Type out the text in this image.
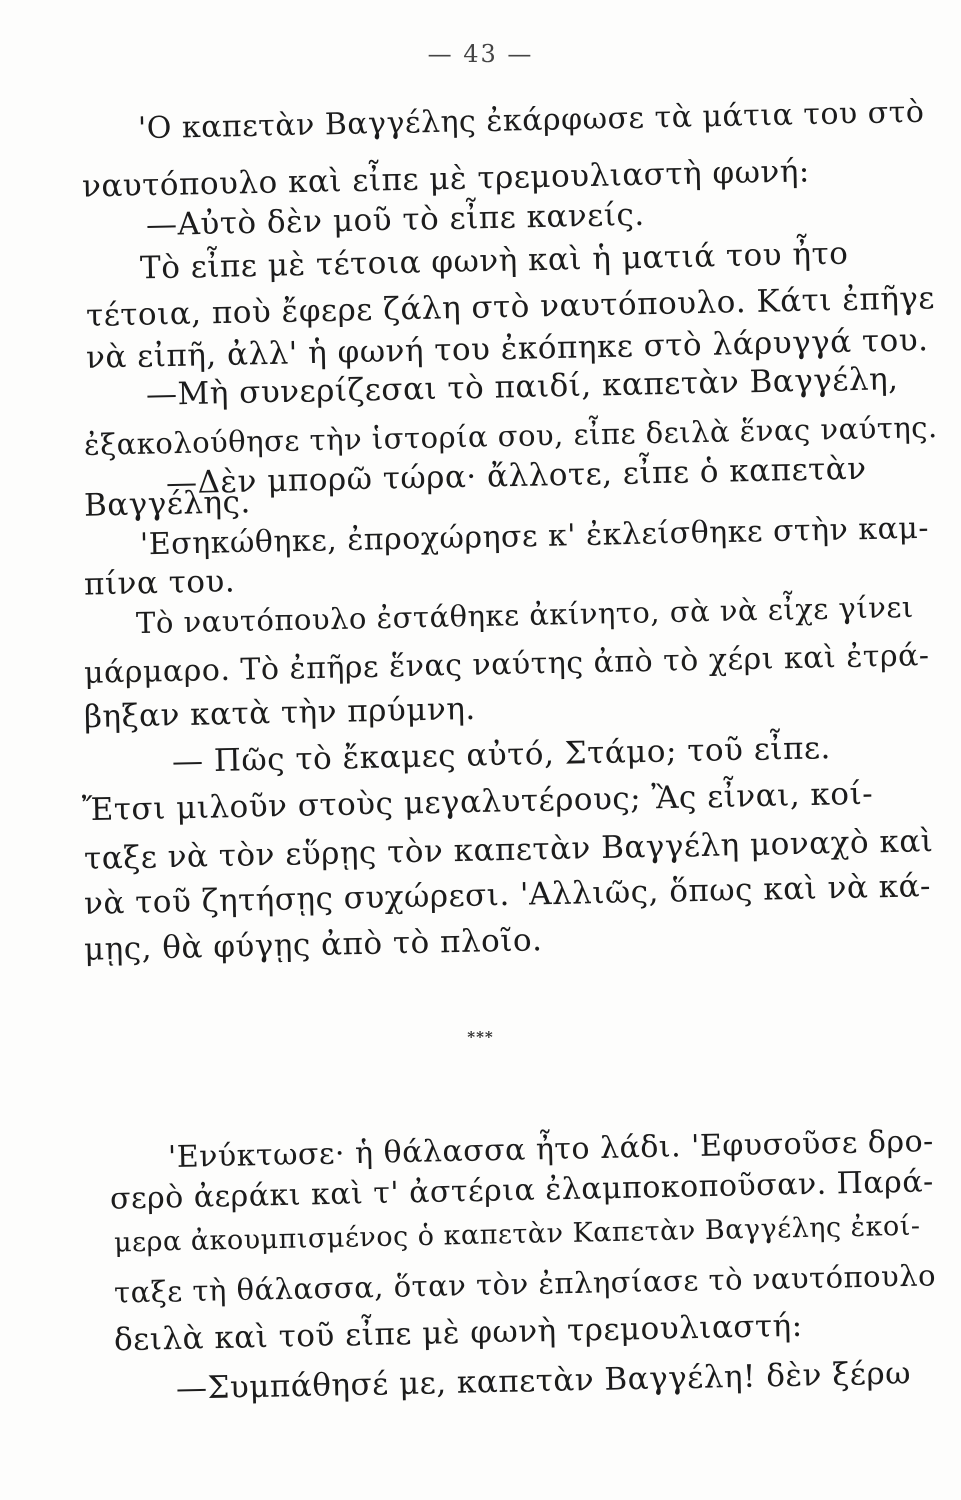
— 43 —
'Ο καπετὰν Βαγγέλης ἐκάρφωσε τὰ μάτια του στὸ
ναυτόπουλο καὶ εἶπε μὲ τρεμουλιαστὴ φωνή:
—Αὐτὸ δὲν μοῦ τὸ εἶπε κανείς.
Τὸ εἶπε μὲ τέτοια φωνὴ καὶ ἡ ματιά του ἦτο
τέτοια, ποὺ ἔφερε ζάλη στὸ ναυτόπουλο. Κάτι ἐπῆγε
νὰ εἰπῆ, ἀλλ' ἡ φωνή του ἐκόπηκε στὸ λάρυγγά του.
—Μὴ συνερίζεσαι τὸ παιδί, καπετὰν Βαγγέλη,
ἐξακολούθησε τὴν ἱστορία σου, εἶπε δειλὰ ἕνας ναύτης.
—Δὲν μπορῶ τώρα· ἄλλοτε, εἶπε ὁ καπετὰν
Βαγγέλης.
'Εσηκώθηκε, ἐπροχώρησε κ' ἐκλείσθηκε στὴν καμ-
πίνα του.
Τὸ ναυτόπουλο ἐστάθηκε ἀκίνητο, σὰ νὰ εἶχε γίνει
μάρμαρο. Τὸ ἐπῆρε ἕνας ναύτης ἀπὸ τὸ χέρι καὶ ἐτρά-
βηξαν κατὰ τὴν πρύμνη.
— Πῶς τὸ ἔκαμες αὐτό, Στάμο; τοῦ εἶπε.
Ἔτσι μιλοῦν στοὺς μεγαλυτέρους; Ἂς εἶναι, κοί-
ταξε νὰ τὸν εὕρῃς τὸν καπετὰν Βαγγέλη μοναχὸ καὶ
νὰ τοῦ ζητήσῃς συχώρεσι. 'Αλλιῶς, ὅπως καὶ νὰ κά-
μῃς, θὰ φύγῃς ἀπὸ τὸ πλοῖο.
***
'Ενύκτωσε· ἡ θάλασσα ἦτο λάδι. 'Εφυσοῦσε δρο-
σερὸ ἀεράκι καὶ τ' ἀστέρια ἐλαμποκοποῦσαν. Παρά-
μερα ἀκουμπισμένος ὁ καπετὰν Καπετὰν Βαγγέλης ἐκοί-
ταξε τὴ θάλασσα, ὅταν τὸν ἐπλησίασε τὸ ναυτόπουλο
δειλὰ καὶ τοῦ εἶπε μὲ φωνὴ τρεμουλιαστή:
—Συμπάθησέ με, καπετὰν Βαγγέλη! δὲν ξέρω
